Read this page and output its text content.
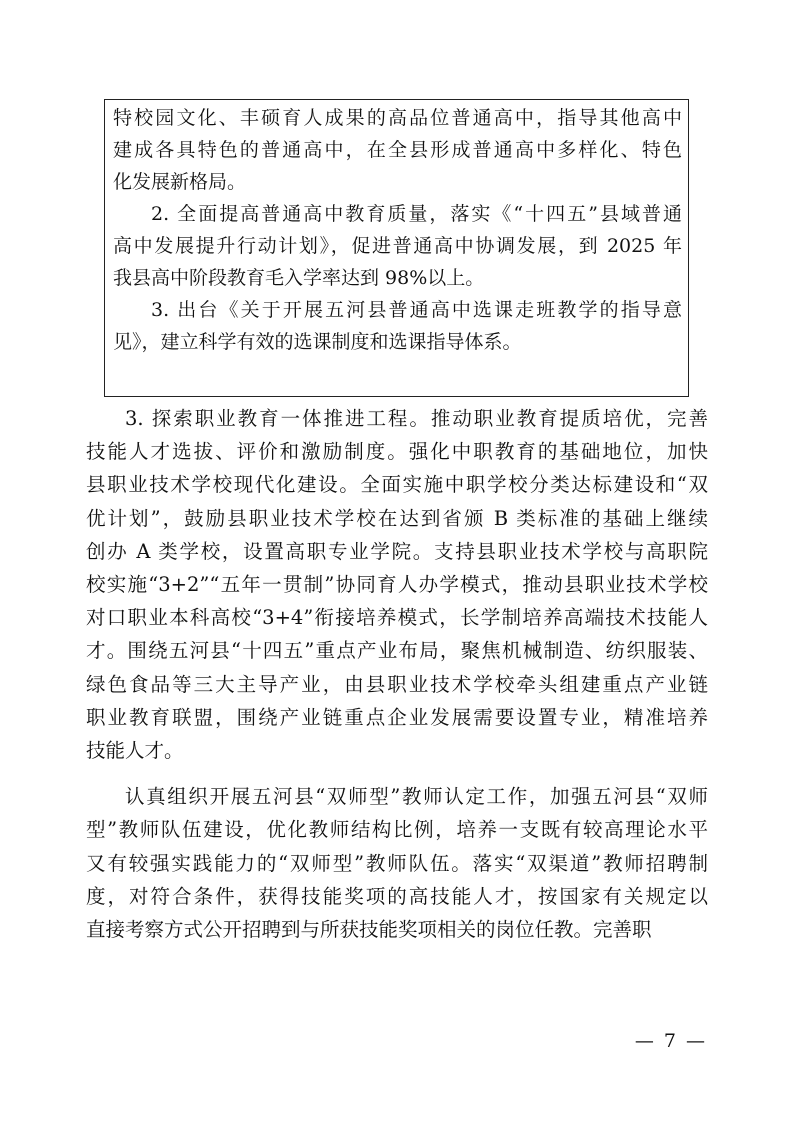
特校园文化、丰硕育人成果的高品位普通高中，指导其他高中
建成各具特色的普通高中，在全县形成普通高中多样化、特色
化发展新格局。
2. 全面提高普通高中教育质量，落实《“十四五”县域普通
高中发展提升行动计划》，促进普通高中协调发展，到 2025 年
我县高中阶段教育毛入学率达到 98%以上。
3. 出台《关于开展五河县普通高中选课走班教学的指导意
见》，建立科学有效的选课制度和选课指导体系。
3. 探索职业教育一体推进工程。推动职业教育提质培优，完善
技能人才选拔、评价和激励制度。强化中职教育的基础地位，加快
县职业技术学校现代化建设。全面实施中职学校分类达标建设和“双
优计划”，鼓励县职业技术学校在达到省颁 B 类标准的基础上继续
创办 A 类学校，设置高职专业学院。支持县职业技术学校与高职院
校实施“3+2”“五年一贯制”协同育人办学模式，推动县职业技术学校
对口职业本科高校“3+4”衔接培养模式，长学制培养高端技术技能人
才。围绕五河县“十四五”重点产业布局，聚焦机械制造、纺织服装、
绿色食品等三大主导产业，由县职业技术学校牵头组建重点产业链
职业教育联盟，围绕产业链重点企业发展需要设置专业，精准培养
技能人才。
认真组织开展五河县“双师型”教师认定工作，加强五河县“双师
型”教师队伍建设，优化教师结构比例，培养一支既有较高理论水平
又有较强实践能力的“双师型”教师队伍。落实“双渠道”教师招聘制
度，对符合条件，获得技能奖项的高技能人才，按国家有关规定以
直接考察方式公开招聘到与所获技能奖项相关的岗位任教。完善职
— 7 —
